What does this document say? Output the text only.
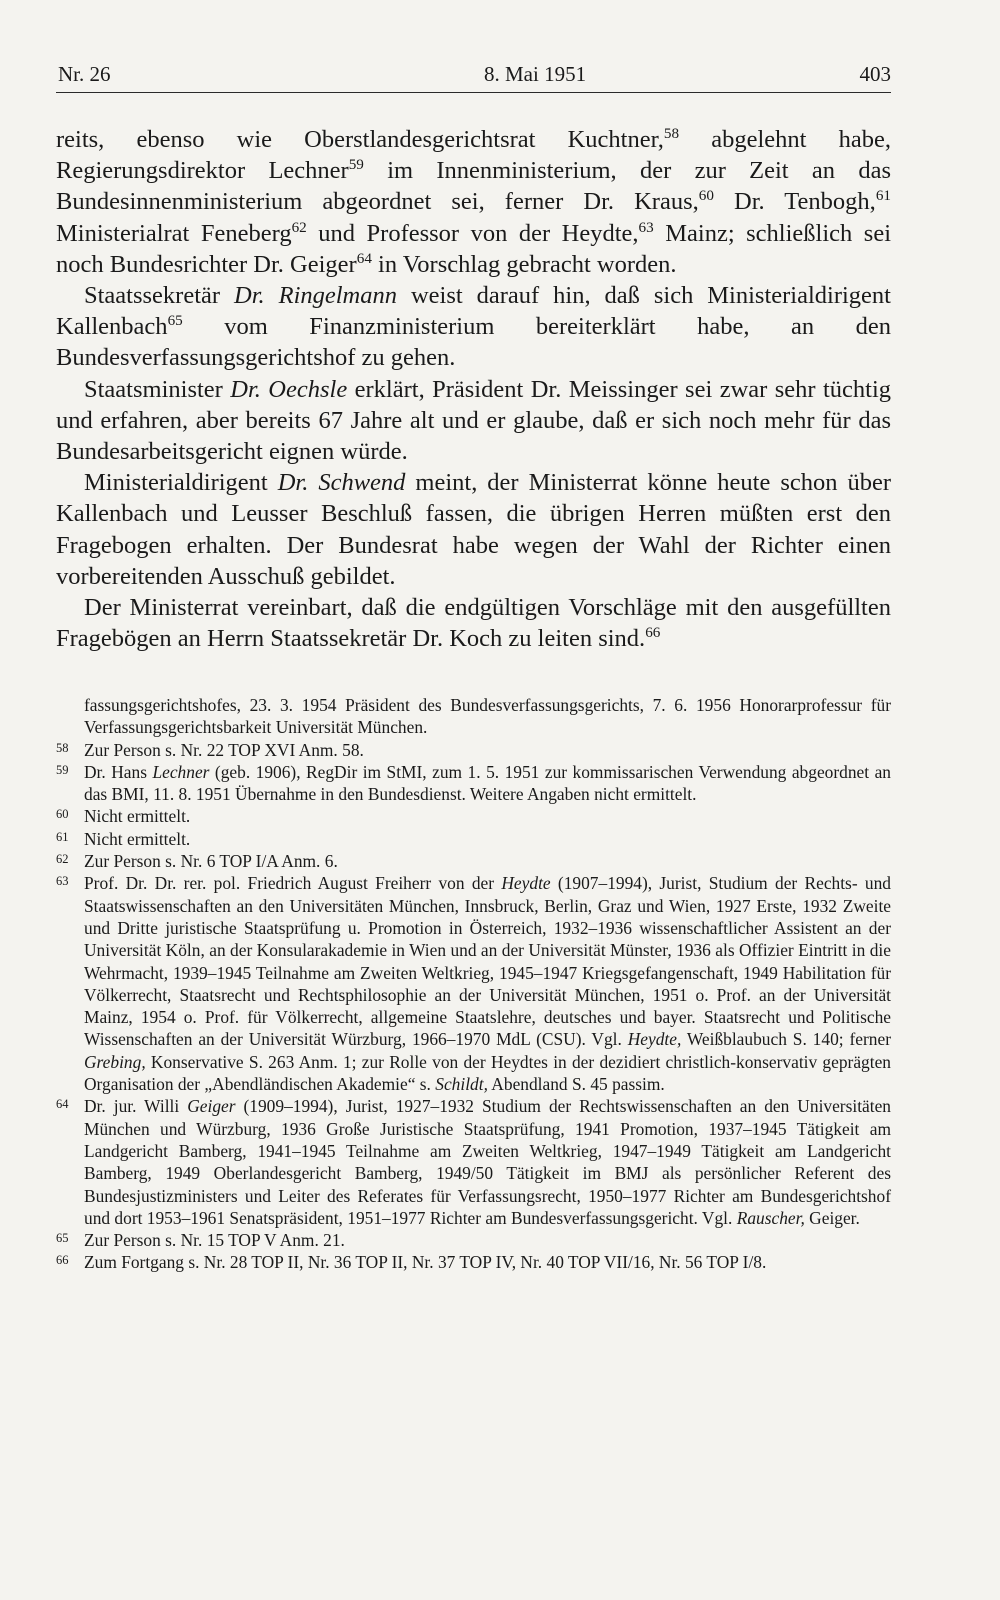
Nr. 26	8. Mai 1951	403

reits, ebenso wie Oberstlandesgerichtsrat Kuchtner,$^{58}$ abgelehnt habe, Regierungsdirektor Lechner$^{59}$ im Innenministerium, der zur Zeit an das Bundesinnenministerium abgeordnet sei, ferner Dr. Kraus,$^{60}$ Dr. Tenbogh,$^{61}$ Ministerialrat Feneberg$^{62}$ und Professor von der Heydte,$^{63}$ Mainz; schließlich sei noch Bundesrichter Dr. Geiger$^{64}$ in Vorschlag gebracht worden.

Staatssekretär Dr. Ringelmann weist darauf hin, daß sich Ministerialdirigent Kallenbach$^{65}$ vom Finanzministerium bereiterklärt habe, an den Bundesverfassungsgerichtshof zu gehen.

Staatsminister Dr. Oechsle erklärt, Präsident Dr. Meissinger sei zwar sehr tüchtig und erfahren, aber bereits 67 Jahre alt und er glaube, daß er sich noch mehr für das Bundesarbeitsgericht eignen würde.

Ministerialdirigent Dr. Schwend meint, der Ministerrat könne heute schon über Kallenbach und Leusser Beschluß fassen, die übrigen Herren müßten erst den Fragebogen erhalten. Der Bundesrat habe wegen der Wahl der Richter einen vorbereitenden Ausschuß gebildet.

Der Ministerrat vereinbart, daß die endgültigen Vorschläge mit den ausgefüllten Fragebögen an Herrn Staatssekretär Dr. Koch zu leiten sind.$^{66}$

fassungsgerichtshofes, 23. 3. 1954 Präsident des Bundesverfassungsgerichts, 7. 6. 1956 Honorarprofessur für Verfassungsgerichtsbarkeit Universität München.

58 Zur Person s. Nr. 22 TOP XVI Anm. 58.

59 Dr. Hans Lechner (geb. 1906), RegDir im StMI, zum 1. 5. 1951 zur kommissarischen Verwendung abgeordnet an das BMI, 11. 8. 1951 Übernahme in den Bundesdienst. Weitere Angaben nicht ermittelt.

60 Nicht ermittelt.

61 Nicht ermittelt.

62 Zur Person s. Nr. 6 TOP I/A Anm. 6.

63 Prof. Dr. Dr. rer. pol. Friedrich August Freiherr von der Heydte (1907–1994), Jurist, Studium der Rechts- und Staatswissenschaften an den Universitäten München, Innsbruck, Berlin, Graz und Wien, 1927 Erste, 1932 Zweite und Dritte juristische Staatsprüfung u. Promotion in Österreich, 1932–1936 wissenschaftlicher Assistent an der Universität Köln, an der Konsularakademie in Wien und an der Universität Münster, 1936 als Offizier Eintritt in die Wehrmacht, 1939–1945 Teilnahme am Zweiten Weltkrieg, 1945–1947 Kriegsgefangenschaft, 1949 Habilitation für Völkerrecht, Staatsrecht und Rechtsphilosophie an der Universität München, 1951 o. Prof. an der Universität Mainz, 1954 o. Prof. für Völkerrecht, allgemeine Staatslehre, deutsches und bayer. Staatsrecht und Politische Wissenschaften an der Universität Würzburg, 1966–1970 MdL (CSU). Vgl. Heydte, Weißblaubuch S. 140; ferner Grebing, Konservative S. 263 Anm. 1; zur Rolle von der Heydtes in der dezidiert christlich-konservativ geprägten Organisation der „Abendländischen Akademie“ s. Schildt, Abendland S. 45 passim.

64 Dr. jur. Willi Geiger (1909–1994), Jurist, 1927–1932 Studium der Rechtswissenschaften an den Universitäten München und Würzburg, 1936 Große Juristische Staatsprüfung, 1941 Promotion, 1937–1945 Tätigkeit am Landgericht Bamberg, 1941–1945 Teilnahme am Zweiten Weltkrieg, 1947–1949 Tätigkeit am Landgericht Bamberg, 1949 Oberlandesgericht Bamberg, 1949/50 Tätigkeit im BMJ als persönlicher Referent des Bundesjustizministers und Leiter des Referates für Verfassungsrecht, 1950–1977 Richter am Bundesgerichtshof und dort 1953–1961 Senatspräsident, 1951–1977 Richter am Bundesverfassungsgericht. Vgl. Rauscher, Geiger.

65 Zur Person s. Nr. 15 TOP V Anm. 21.

66 Zum Fortgang s. Nr. 28 TOP II, Nr. 36 TOP II, Nr. 37 TOP IV, Nr. 40 TOP VII/16, Nr. 56 TOP I/8.
